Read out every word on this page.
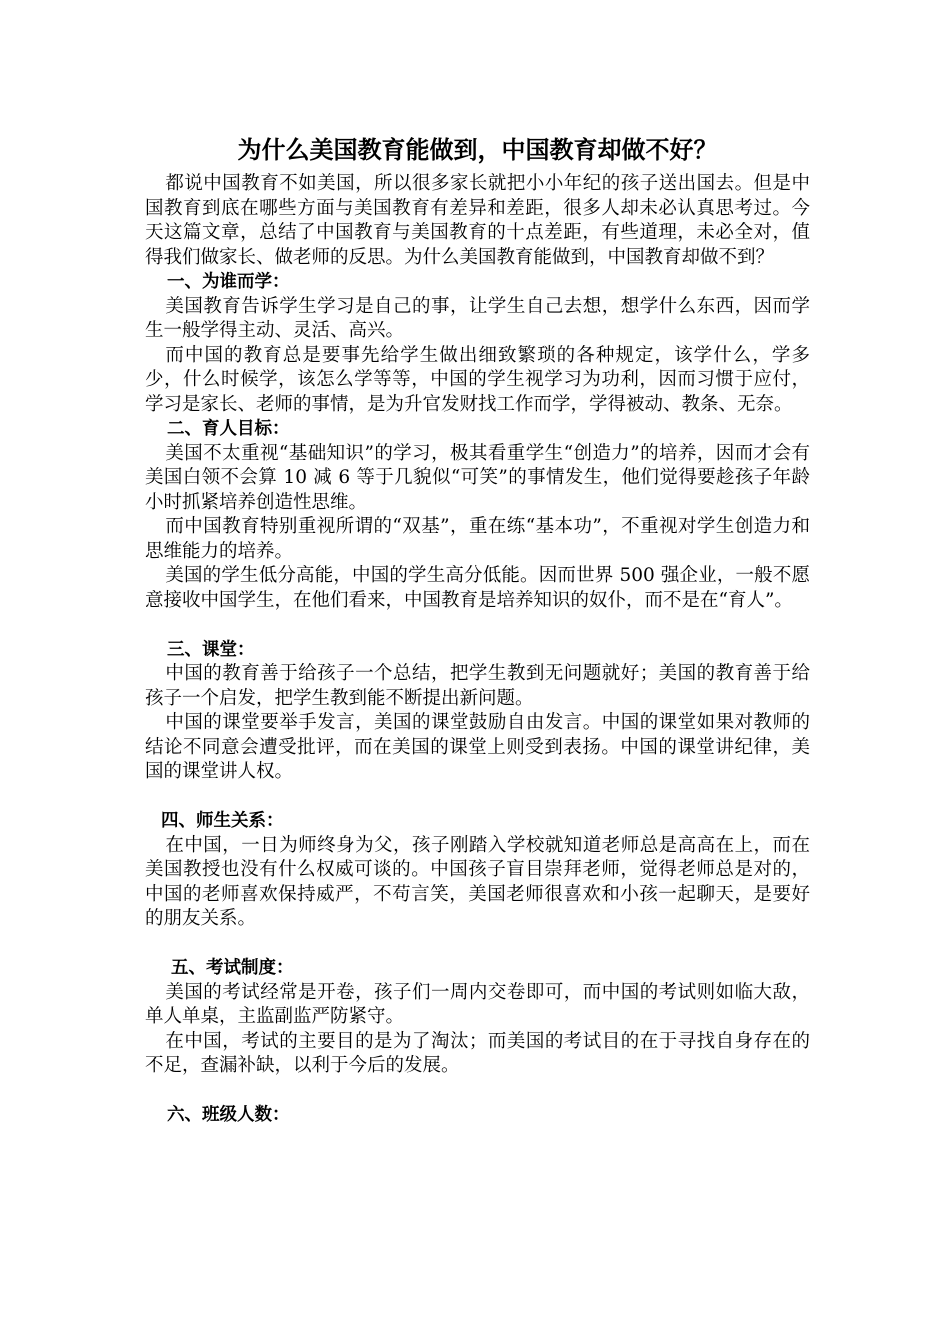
为什么美国教育能做到，中国教育却做不好？

都说中国教育不如美国，所以很多家长就把小小年纪的孩子送出国去。但是中国教育到底在哪些方面与美国教育有差异和差距，很多人却未必认真思考过。今天这篇文章，总结了中国教育与美国教育的十点差距，有些道理，未必全对，值得我们做家长、做老师的反思。为什么美国教育能做到，中国教育却做不到？

一、为谁而学：

美国教育告诉学生学习是自己的事，让学生自己去想，想学什么东西，因而学生一般学得主动、灵活、高兴。

而中国的教育总是要事先给学生做出细致繁琐的各种规定，该学什么，学多少，什么时候学，该怎么学等等，中国的学生视学习为功利，因而习惯于应付，学习是家长、老师的事情，是为升官发财找工作而学，学得被动、教条、无奈。

二、育人目标：

美国不太重视“基础知识”的学习，极其看重学生“创造力”的培养，因而才会有美国白领不会算 10 减 6 等于几貌似“可笑”的事情发生，他们觉得要趁孩子年龄小时抓紧培养创造性思维。

而中国教育特别重视所谓的“双基”，重在练“基本功”，不重视对学生创造力和思维能力的培养。

美国的学生低分高能，中国的学生高分低能。因而世界 500 强企业，一般不愿意接收中国学生，在他们看来，中国教育是培养知识的奴仆，而不是在“育人”。

三、课堂：

中国的教育善于给孩子一个总结，把学生教到无问题就好；美国的教育善于给孩子一个启发，把学生教到能不断提出新问题。

中国的课堂要举手发言，美国的课堂鼓励自由发言。中国的课堂如果对教师的结论不同意会遭受批评，而在美国的课堂上则受到表扬。中国的课堂讲纪律，美国的课堂讲人权。

四、师生关系：

在中国，一日为师终身为父，孩子刚踏入学校就知道老师总是高高在上，而在美国教授也没有什么权威可谈的。中国孩子盲目崇拜老师，觉得老师总是对的，中国的老师喜欢保持威严，不苟言笑，美国老师很喜欢和小孩一起聊天，是要好的朋友关系。

五、考试制度：

美国的考试经常是开卷，孩子们一周内交卷即可，而中国的考试则如临大敌，单人单桌，主监副监严防紧守。

在中国，考试的主要目的是为了淘汰；而美国的考试目的在于寻找自身存在的不足，查漏补缺，以利于今后的发展。

六、班级人数：
